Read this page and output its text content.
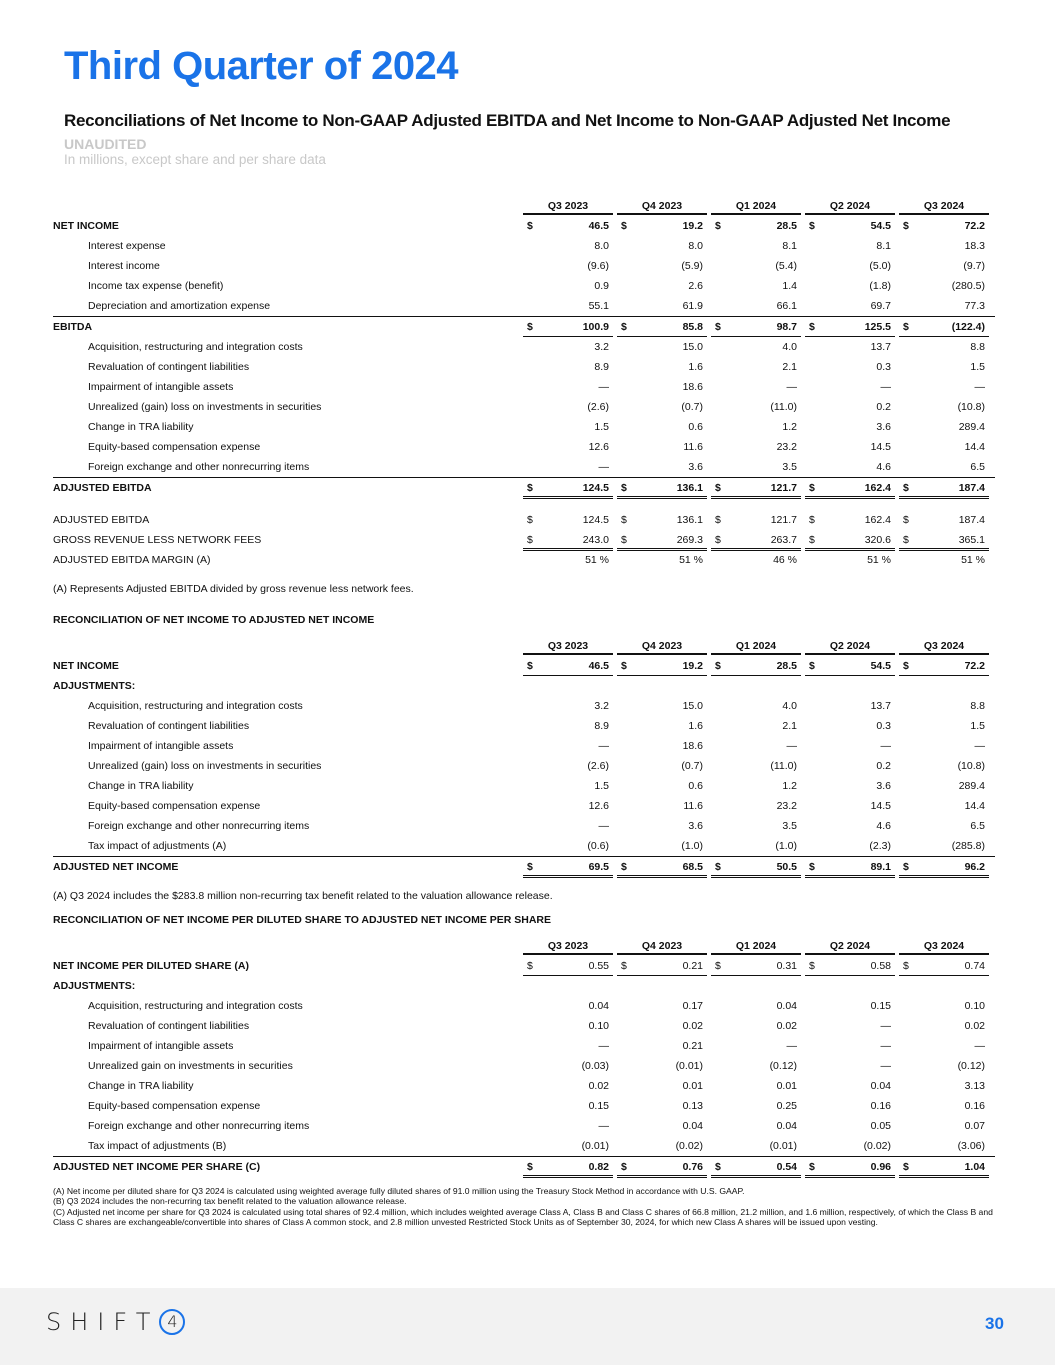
Third Quarter of 2024
Reconciliations of Net Income to Non-GAAP Adjusted EBITDA and Net Income to Non-GAAP Adjusted Net Income
UNAUDITED
In millions, except share and per share data
Q3 2023	Q4 2023	Q1 2024	Q2 2024	Q3 2024
NET INCOME	$	46.5 $	19.2 $	28.5 $	54.5 $	72.2
Interest expense	8.0	8.0	8.1	8.1	18.3
Interest income	(9.6)	(5.9)	(5.4)	(5.0)	(9.7)
Income tax expense (benefit)	0.9	2.6	1.4	(1.8)	(280.5)
Depreciation and amortization expense	55.1	61.9	66.1	69.7	77.3
EBITDA	$	100.9 $	85.8 $	98.7 $	125.5 $	(122.4)
Acquisition, restructuring and integration costs	3.2	15.0	4.0	13.7	8.8
Revaluation of contingent liabilities	8.9	1.6	2.1	0.3	1.5
Impairment of intangible assets	—	18.6	—	—	—
Unrealized (gain) loss on investments in securities	(2.6)	(0.7)	(11.0)	0.2	(10.8)
Change in TRA liability	1.5	0.6	1.2	3.6	289.4
Equity-based compensation expense	12.6	11.6	23.2	14.5	14.4
Foreign exchange and other nonrecurring items	—	3.6	3.5	4.6	6.5
ADJUSTED EBITDA	$	124.5 $	136.1 $	121.7 $	162.4 $	187.4
ADJUSTED EBITDA	$	124.5 $	136.1 $	121.7 $	162.4 $	187.4
GROSS REVENUE LESS NETWORK FEES	$	243.0 $	269.3 $	263.7 $	320.6 $	365.1
ADJUSTED EBITDA MARGIN (A)	51 %	51 %	46 %	51 %	51 %
(A) Represents Adjusted EBITDA divided by gross revenue less network fees.
RECONCILIATION OF NET INCOME TO ADJUSTED NET INCOME
Q3 2023	Q4 2023	Q1 2024	Q2 2024	Q3 2024
NET INCOME	$	46.5 $	19.2 $	28.5 $	54.5 $	72.2
ADJUSTMENTS:
Acquisition, restructuring and integration costs	3.2	15.0	4.0	13.7	8.8
Revaluation of contingent liabilities	8.9	1.6	2.1	0.3	1.5
Impairment of intangible assets	—	18.6	—	—	—
Unrealized (gain) loss on investments in securities	(2.6)	(0.7)	(11.0)	0.2	(10.8)
Change in TRA liability	1.5	0.6	1.2	3.6	289.4
Equity-based compensation expense	12.6	11.6	23.2	14.5	14.4
Foreign exchange and other nonrecurring items	—	3.6	3.5	4.6	6.5
Tax impact of adjustments (A)	(0.6)	(1.0)	(1.0)	(2.3)	(285.8)
ADJUSTED NET INCOME	$	69.5 $	68.5 $	50.5 $	89.1 $	96.2
(A) Q3 2024 includes the $283.8 million non-recurring tax benefit related to the valuation allowance release.
RECONCILIATION OF NET INCOME PER DILUTED SHARE TO ADJUSTED NET INCOME PER SHARE
Q3 2023	Q4 2023	Q1 2024	Q2 2024	Q3 2024
NET INCOME PER DILUTED SHARE (A)	$	0.55 $	0.21 $	0.31 $	0.58 $	0.74
ADJUSTMENTS:
Acquisition, restructuring and integration costs	0.04	0.17	0.04	0.15	0.10
Revaluation of contingent liabilities	0.10	0.02	0.02	—	0.02
Impairment of intangible assets	—	0.21	—	—	—
Unrealized gain on investments in securities	(0.03)	(0.01)	(0.12)	—	(0.12)
Change in TRA liability	0.02	0.01	0.01	0.04	3.13
Equity-based compensation expense	0.15	0.13	0.25	0.16	0.16
Foreign exchange and other nonrecurring items	—	0.04	0.04	0.05	0.07
Tax impact of adjustments (B)	(0.01)	(0.02)	(0.01)	(0.02)	(3.06)
ADJUSTED NET INCOME PER SHARE (C)	$	0.82 $	0.76 $	0.54 $	0.96 $	1.04
(A) Net income per diluted share for Q3 2024 is calculated using weighted average fully diluted shares of 91.0 million using the Treasury Stock Method in accordance with U.S. GAAP.
(B) Q3 2024 includes the non-recurring tax benefit related to the valuation allowance release.
(C) Adjusted net income per share for Q3 2024 is calculated using total shares of 92.4 million, which includes weighted average Class A, Class B and Class C shares of 66.8 million, 21.2 million, and 1.6 million, respectively, of which the Class B and Class C shares are exchangeable/convertible into shares of Class A common stock, and 2.8 million unvested Restricted Stock Units as of September 30, 2024, for which new Class A shares will be issued upon vesting.
SHIFT 4	30
